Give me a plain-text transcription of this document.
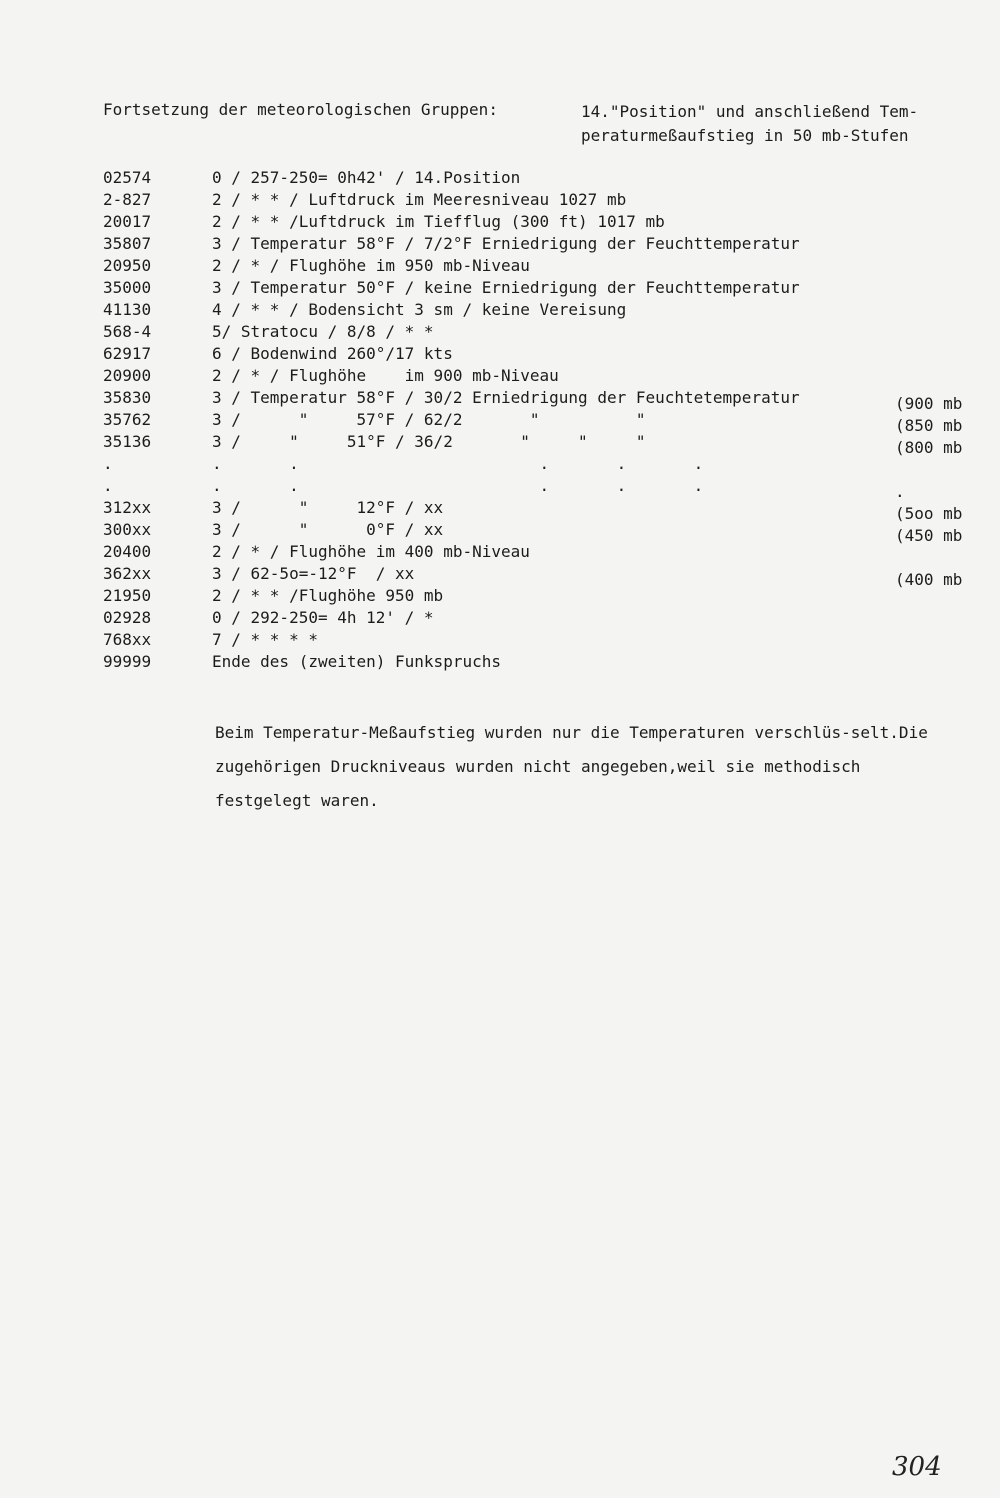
Fortsetzung der meteorologischen Gruppen:	14."Position" und anschließend Tem-
peraturmeßaufstieg in 50 mb-Stufen
02574	0 / 257-250= 0h42' / 14.Position
2-827	2 / * * / Luftdruck im Meeresniveau 1027 mb
20017	2 / * * /Luftdruck im Tiefflug (300 ft) 1017 mb
35807	3 / Temperatur 58°F / 7/2°F Erniedrigung der Feuchttemperatur
20950	2 / * / Flughöhe im 950 mb-Niveau
35000	3 / Temperatur 50°F / keine Erniedrigung der Feuchttemperatur
41130	4 / * * / Bodensicht 3 sm / keine Vereisung
568-4	5/ Stratocu / 8/8 / * *
62917	6 / Bodenwind 260°/17 kts
20900	2 / * / Flughöhe    im 900 mb-Niveau
35830	3 / Temperatur 58°F / 30/2 Erniedrigung der Feuchtetemperatur	(900 mb
35762	3 /      "     57°F / 62/2       "          "	(850 mb
35136	3 /     "     51°F / 36/2       "     "     "	(800 mb
.	.       .                         .       .       .
.	.       .                         .       .       .	.
312xx	3 /      "     12°F / xx	(5oo mb
300xx	3 /      "      0°F / xx	(450 mb
20400	2 / * / Flughöhe im 400 mb-Niveau
362xx	3 / 62-5o=-12°F  / xx	(400 mb
21950	2 / * * /Flughöhe 950 mb
02928	0 / 292-250= 4h 12' / *
768xx	7 / * * * *
99999	Ende des (zweiten) Funkspruchs
Beim Temperatur-Meßaufstieg wurden nur die Temperaturen verschlüs-selt.Die zugehörigen Druckniveaus wurden nicht angegeben,weil sie methodisch festgelegt waren.
304
